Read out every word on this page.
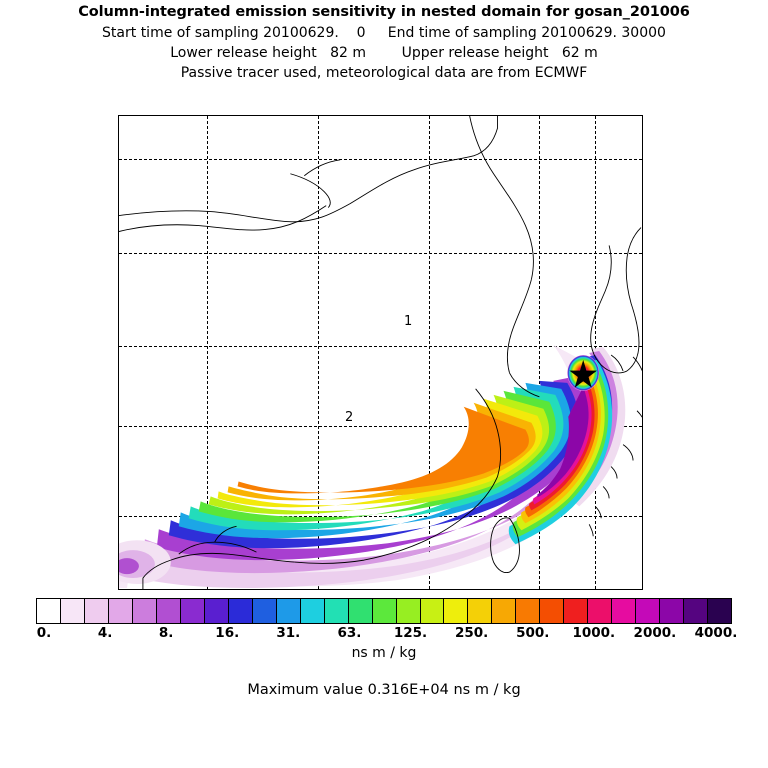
Column-integrated emission sensitivity in nested domain for gosan_201006
Start time of sampling 20100629.    0     End time of sampling 20100629. 30000
Lower release height   82 m        Upper release height   62 m
Passive tracer used, meteorological data are from ECMWF
1
2
0.	4.	8.	16.	31.	63. 125. 250. 500. 1000. 2000. 4000.
ns m / kg
Maximum value 0.316E+04 ns m / kg
